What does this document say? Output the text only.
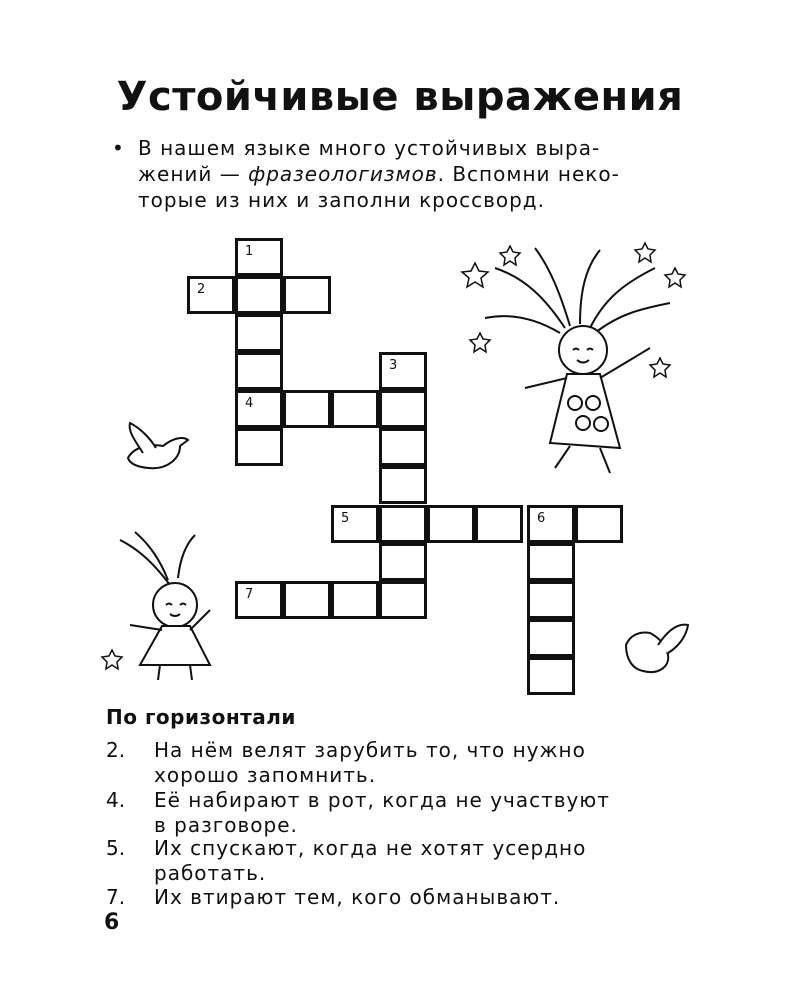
Устойчивые выражения
• В нашем языке много устойчивых выра-
жений — фразеологизмов. Вспомни неко-
торые из них и заполни кроссворд.
1
2
4
3
5	6
7
По горизонтали
2. На нём велят зарубить то, что нужно
хорошо запомнить.
4. Её набирают в рот, когда не участвуют
в разговоре.
5. Их спускают, когда не хотят усердно
работать.
7. Их втирают тем, кого обманывают.
6
